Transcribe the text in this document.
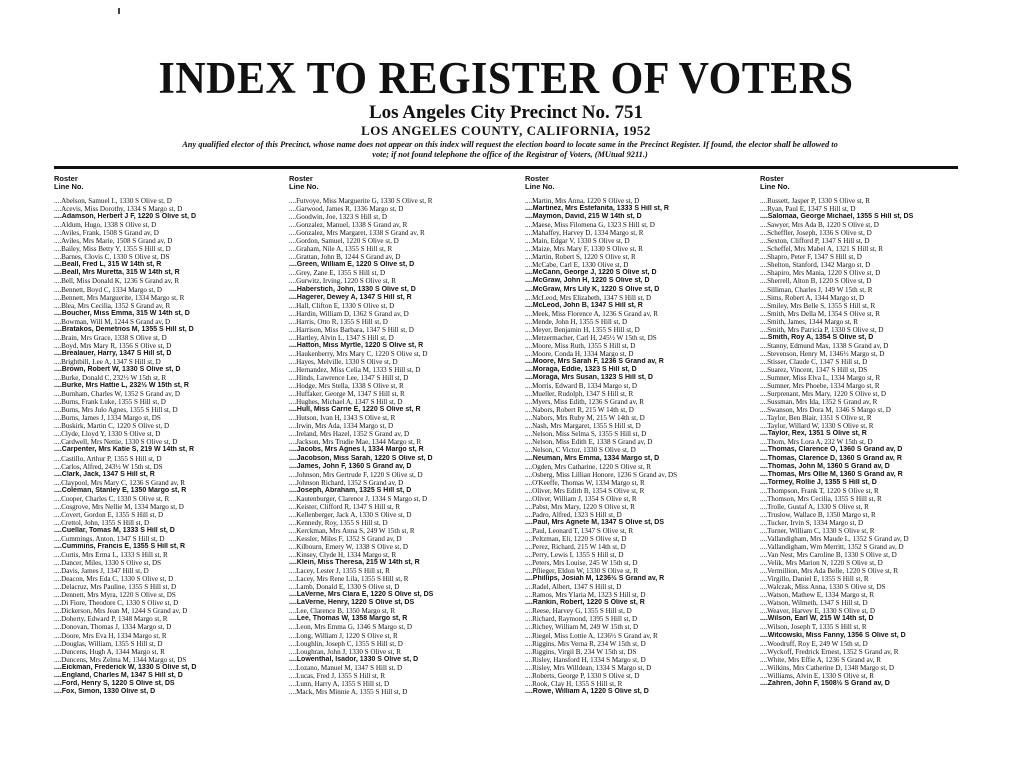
INDEX TO REGISTER OF VOTERS
Los Angeles City Precinct No. 751
LOS ANGELES COUNTY, CALIFORNIA, 1952
Any qualified elector of this Precinct, whose name does not appear on this index will request the election board to locate same in the Precinct Register. If found, the elector shall be allowed to vote; if not found telephone the office of the Registrar of Voters, (MUtual 9211.)
Roster
Line No.
....Abelson, Samuel L, 1330 S Olive st, D
....Acevis, Miss Dorothy, 1334 S Margo st, D
....Adamson, Herbert J F, 1220 S Olive st, D
....Aldum, Hugo, 1338 S Olive st, D
....Aviles, Frank, 1508 S Grand av, D
....Aviles, Mrs Marie, 1508 S Grand av, D
....Bailey, Miss Betty Y, 1355 S Hill st, D
....Barnes, Clovis C, 1330 S Olive st, DS
....Beall, Fred L, 315 W 14th st, R
....Beall, Mrs Muretta, 315 W 14th st, R
....Bell, Miss Donald K, 1236 S Grand av, R
....Bennett, Boyd C, 1334 Margo st, D
....Bennett, Mrs Marguerite, 1334 Margo st, R
....Blea, Mrs Cecilia, 1352 S Grand av, R
....Boucher, Miss Emma, 315 W 14th st, D
....Bowman, Will M, 1244 S Grand av, D
....Bratakos, Demetrios M, 1355 S Hill st, D
....Brain, Mrs Grace, 1338 S Olive st, D
....Boyd, Mrs Mary R, 1356 S Olive st, D
....Brealauer, Harry, 1347 S Hill st, D
....Brightbill, Lee A, 1347 S Hill st, D
....Brown, Robert W, 1330 S Olive st, D
....Burke, Donald C, 232½ W 15th st, R
....Burke, Mrs Hattie L, 232½ W 15th st, R
....Burnham, Charles W, 1352 S Grand av, D
....Burns, Frank Luke, 1355 S Hill st, D
....Burns, Mrs Julo Agnes, 1355 S Hill st, D
....Burns, James J, 1334 Margo st, DS
....Buskirk, Martin C, 1220 S Olive st, D
....Clyde, Lloyd Y, 1330 S Olive st, D
....Cardwell, Mrs Nettie, 1330 S Olive st, D
....Carpenter, Mrs Katie S, 219 W 14th st, R
....Castillo, Arthur P, 1355 S Hill st, D
....Carlos, Alfred, 243½ W 15th st, DS
....Clark, Jack, 1347 S Hill st, R
....Claypool, Mrs Mary C, 1236 S Grand av, R
....Coleman, Stanley E, 1350 Margo st, R
....Cooper, Charles C, 1330 S Olive st, R
....Cosgrove, Mrs Nellie M, 1334 Margo st, D
....Covert, Gordon E, 1355 S Hill st, D
....Crettol, John, 1355 S Hill st, D
....Cuellar, Tomas M, 1333 S Hill st, D
....Cummings, Anton, 1347 S Hill st, D
....Cummins, Francis E, 1355 S Hill st, R
....Curtis, Mrs Erma L, 1333 S Hill st, R
....Dancer, Miles, 1330 S Olive st, DS
....Davis, James J, 1347 Hill st, D
....Deacon, Mrs Eda C, 1330 S Olive st, D
....Delacruz, Mrs Pauline, 1355 S Hill st, D
....Dennett, Mrs Myra, 1220 S Olive st, DS
....Di Fiore, Theodore C, 1330 S Olive st, D
....Dickerson, Mrs Jean M, 1244 S Grand av, D
....Doherty, Edward P, 1348 Margo st, R
....Donovan, Thomas J, 1334 Margo st, D
....Doore, Mrs Eva H, 1334 Margo st, R
....Douglas, William, 1355 S Hill st, D
....Duncens, Hugh A, 1344 Margo st, R
....Duncens, Mrs Zelma M, 1344 Margo st, DS
....Eickman, Frederick W, 1330 S Olive st, D
....England, Charles M, 1347 S Hill st, D
....Ford, Henry S, 1220 S Olive st, DS
....Fox, Simon, 1330 Olive st, D
Roster
Line No.
....Futvoye, Miss Marguerite G, 1330 S Olive st, R
....Garwood, James R, 1336 Margo st, D
....Goodwin, Joe, 1323 S Hill st, D
....Gonzalez, Manuel, 1338 S Grand av, R
....Gonzalez, Mrs Margaret, 1338 S Grand av, R
....Gordon, Samuel, 1220 S Olive st, D
....Graham, Nile A, 1355 S Hill st, R
....Grattan, John B, 1244 S Grand av, D
....Green, William E, 1220 S Olive st, D
....Grey, Zane E, 1355 S Hill st, D
....Gurwitz, Irving, 1220 S Olive st, R
....Haberstich, John, 1330 S Olive st, D
....Hagerer, Dewey A, 1347 S Hill st, R
....Hall, Clifton E, 1330 S Olive st, D
....Hardin, William D, 1362 S Grand av, D
....Harris, Otto R, 1355 S Hill st, D
....Harrison, Miss Barbara, 1347 S Hill st, D
....Hartley, Alvin L, 1347 S Hill st, D
....Hatton, Miss Myrtle, 1220 S Olive st, R
....Haukenberry, Mrs Mary C, 1220 S Olive st, D
....Hayes, Melville, 1330 S Olive st, D
....Hernandez, Miss Celia M, 1333 S Hill st, D
....Hinds, Lawrence Lee, 1347 S Hill st, D
....Hodge, Mrs Stella, 1338 S Olive st, R
....Huffaker, George M, 1347 S Hill st, R
....Hughes, Michael A, 1347 S Hill st, D
....Hull, Miss Carrie E, 1220 S Olive st, R
....Hutson, Ivan H, 1343 S Olive st, R
....Irwin, Mrs Ada, 1334 Margo st, D
....Ireland, Mrs Hazel, 1352 S Grand av, D
....Jackson, Mrs Trudie Mae, 1344 Margo st, R
....Jacobs, Mrs Agnes I, 1334 Margo st, R
....Jacobson, Miss Sarah, 1220 S Olive st, D
....James, John F, 1360 S Grand av, D
....Johnson, Mrs Gertrude F, 1220 S Olive st, D
....Johnson Richard, 1352 S Grand av, D
....Joseph, Abraham, 1325 S Hill st, D
....Kautenburger, Clarence J, 1334 S Margo st, D
....Keister, Clifford R, 1347 S Hill st, R
....Kellenberger, Jack A, 1330 S Olive st, D
....Kennedy, Roy, 1355 S Hill st, D
....Kerckman, Mrs Anna S, 249 W 15th st, R
....Kessler, Miles F, 1352 S Grand av, D
....Kilbourn, Emery W, 1338 S Olive st, D
....Kinsey, Clyde H, 1334 Margo st, R
....Klein, Miss Theresa, 215 W 14th st, R
....Lacey, Lester J, 1355 S Hill st, R
....Lacey, Mrs Rene Lila, 1355 S Hill st, R
....Lamb, Donald E, 1330 S Olive st, D
....LaVerne, Mrs Clara E, 1220 S Olive st, DS
....LaVerne, Henry, 1220 S Olive st, DS
....Lee, Clarence B, 1350 Margo st, R
....Lee, Thomas W, 1358 Margo st, R
....Leon, Mrs Emma G, 1346 S Margo st, D
....Long, William J, 1220 S Olive st, R
....Loughlin, Joseph C, 1355 S Hill st, D
....Loughran, John J, 1330 S Olive st, R
....Lowenthal, Isador, 1330 S Olive st, D
....Lozano, Manuel M, 1347 S Hill st, D
....Lucas, Fred J, 1355 S Hill st, R
....Lunn, Harry A, 1355 S Hill st, D
....Mack, Mrs Minnie A, 1355 S Hill st, D
Roster
Line No.
....Martin, Mrs Anna, 1220 S Olive st, D
....Martinez, Mrs Estefanita, 1333 S Hill st, R
....Maymon, David, 215 W 14th st, D
....Maese, Miss Filomena G, 1323 S Hill st, D
....Mahaffey, Harvey D, 1334 Margo st, R
....Main, Edgar V, 1330 S Olive st, D
....Maize, Mrs Mary F, 1330 S Olive st, R
....Martin, Robert S, 1220 S Olive st, R
....McCabe, Carl E, 1330 Olive st, D
....McCann, George J, 1220 S Olive st, D
....McGraw, John H, 1220 S Olive st, D
....McGraw, Mrs Lily K, 1220 S Olive st, D
....McLeod, Mrs Elizabeth, 1347 S Hill st, D
....McLeod, John B, 1347 S Hill st, R
....Meek, Miss Florence A, 1236 S Grand av, R
....Mende, John H, 1355 S Hill st, D
....Meyer, Benjamin H, 1355 S Hill st, D
....Metzermacher, Carl H, 245½ W 15th st, DS
....Moore, Miss Ruth, 1355 S Hill st, D
....Moore, Conda H, 1334 Margo st, D
....Moore, Mrs Sarah F, 1236 S Grand av, R
....Moraga, Eddie, 1323 S Hill st, D
....Moraga, Mrs Susan, 1323 S Hill st, D
....Morris, Edward B, 1334 Margo st, D
....Mueller, Rudolph, 1347 S Hill st, R
....Myers, Miss Edith, 1236 S Grand av, R
....Nabors, Robert R, 215 W 14th st, D
....Nabors, Mrs Ruby M, 215 W 14th st, D
....Nash, Mrs Margaret, 1355 S Hill st, D
....Nelson, Miss Selma S, 1355 S Hill st, D
....Nelson, Miss Edith E, 1338 S Grand av, D
....Nelson, C Victor, 1330 S Olive st, D
....Neuman, Mrs Emma, 1334 Margo st, D
....Ogden, Mrs Catharine, 1220 S Olive st, R
....Osberg, Miss Lillian Honore, 1236 S Grand av, DS
....O'Keeffe, Thomas W, 1334 Margo st, R
....Oliver, Mrs Edith B, 1354 S Olive st, R
....Oliver, William J, 1354 S Olive st, R
....Pabst, Mrs Mary, 1220 S Olive st, R
....Padro, Alfred, 1323 S Hill st, D
....Paul, Mrs Agnete M, 1347 S Olive st, DS
....Paul, Leonard T, 1347 S Olive st, R
....Peltzman, Eli, 1220 S Olive st, D
....Perez, Richard, 215 W 14th st, D
....Perry, Lewis I, 1355 S Hill st, D
....Peters, Mrs Louise, 245 W 15th st, D
....Pflieger, Eldon W, 1330 S Olive st, R
....Phillips, Josiah M, 1236½ S Grand av, R
....Radel, Albert, 1347 S Hill st, D
....Ramos, Mrs Ylaria M, 1323 S Hill st, D
....Rankin, Robert, 1220 S Olive st, R
....Reese, Harvey G, 1355 S Hill st, D
....Richard, Raymond, 1395 S Hill st, D
....Richey, William M, 249 W 15th st, D
....Riegel, Miss Lottie A, 1236½ S Grand av, R
....Riggins, Mrs Verna R, 234 W 15th st, D
....Riggins, Virgil B, 234 W 15th st, DS
....Risley, Hansford H, 1334 S Margo st, D
....Risley, Mrs Willdean, 1334 S Margo st, D
....Roberts, George P, 1330 S Olive st, D
....Rook, Clay H, 1355 S Hill st, R
....Rowe, William A, 1220 S Olive st, D
Roster
Line No.
....Russett, Jasper P, 1330 S Olive st, R
....Ryan, Paul E, 1347 S Hill st, D
....Salomaa, George Michael, 1355 S Hill st, DS
....Sawyer, Mrs Ada B, 1220 S Olive st, D
....Scheffler, Joseph, 1336 S Olive st, D
....Sexton, Clifford P, 1347 S Hill st, D
....Scheffel, Mrs Mabel A, 1321 S Hill st, R
....Shapro, Peter F, 1347 S Hill st, D
....Shelton, Stanford, 1342 Margo st, D
....Shapiro, Mrs Mania, 1220 S Olive st, D
....Sherrell, Alton B, 1220 S Olive st, D
....Silliman, Charles J, 149 W 15th st, R
....Sims, Robert A, 1344 Margo st, D
....Smiley, Mrs Belle S, 1355 S Hill st, R
....Smith, Mrs Della M, 1354 S Olive st, R
....Smith, James, 1344 Margo st, R
....Smith, Mrs Patricia P, 1330 S Olive st, D
....Smith, Roy A, 1354 S Olive st, D
....Stanny, Edmund Max, 1338 S Grand av, D
....Stevenson, Henry M, 1346½ Margo st, D
....Stisser, Claude C, 1347 S Hill st, D
....Suarez, Vincent, 1347 S Hill st, DS
....Sumner, Miss Elva L, 1334 Margo st, R
....Sumner, Mrs Phoebe, 1334 Margo st, R
....Surprenant, Mrs Mary, 1220 S Olive st, D
....Sussman, Mrs Ida, 1352 S Grand av, R
....Swanson, Mrs Dora M, 1346 S Margo st, D
....Taylor, Ben Blair, 1351 S Olive st, R
....Taylor, Willard W, 1330 S Olive st, R
....Taylor, Rex, 1351 S Olive st, R
....Thom, Mrs Lora A, 232 W 15th st, D
....Thomas, Clarence O, 1360 S Grand av, D
....Thomas, Clarence D, 1360 S Grand av, R
....Thomas, John M, 1360 S Grand av, D
....Thomas, Mrs Ollie M, 1360 S Grand av, R
....Tormey, Rollie J, 1355 S Hill st, D
....Thompson, Frank T, 1220 S Olive st, R
....Thomson, Mrs Cecilia, 1355 S Hill st, R
....Trolle, Gustaf A, 1330 S Olive st, R
....Truslow, Wallace B, 1350 Margo st, R
....Tucker, Irvin S, 1334 Margo st, D
....Turner, William C, 1330 S Olive st, R
....Vallandigham, Mrs Maude L, 1352 S Grand av, D
....Vallandigham, Wm Merritt, 1352 S Grand av, D
....Van Nest, Mrs Caroline B, 1330 S Olive st, D
....Velik, Mrs Marion N, 1220 S Olive st, D
....Vermillion, Mrs Ada Belle, 1220 S Olive st, R
....Virgillo, Daniel E, 1355 S Hill st, R
....Walczak, Miss Anna, 1330 S Olive st, DS
....Watson, Mathew E, 1334 Margo st, R
....Watson, Wilmeth, 1347 S Hill st, D
....Weaver, Harvey E, 1330 S Olive st, D
....Wilson, Earl W, 215 W 14th st, D
....Wilson, Joseph T, 1335 S Hill st, R
....Witcowski, Miss Fanny, 1356 S Olive st, D
....Woodruff, Roy E, 249 W 15th st, D
....Wyckoff, Fredrick Ernest, 1352 S Grand av, R
....White, Mrs Effie A, 1236 S Grand av, R
....Wilkins, Mrs Catherine D, 1348 Margo st, D
....Williams, Alvin E, 1330 S Olive st, R
....Zahren, John F, 1508½ S Grand av, D
